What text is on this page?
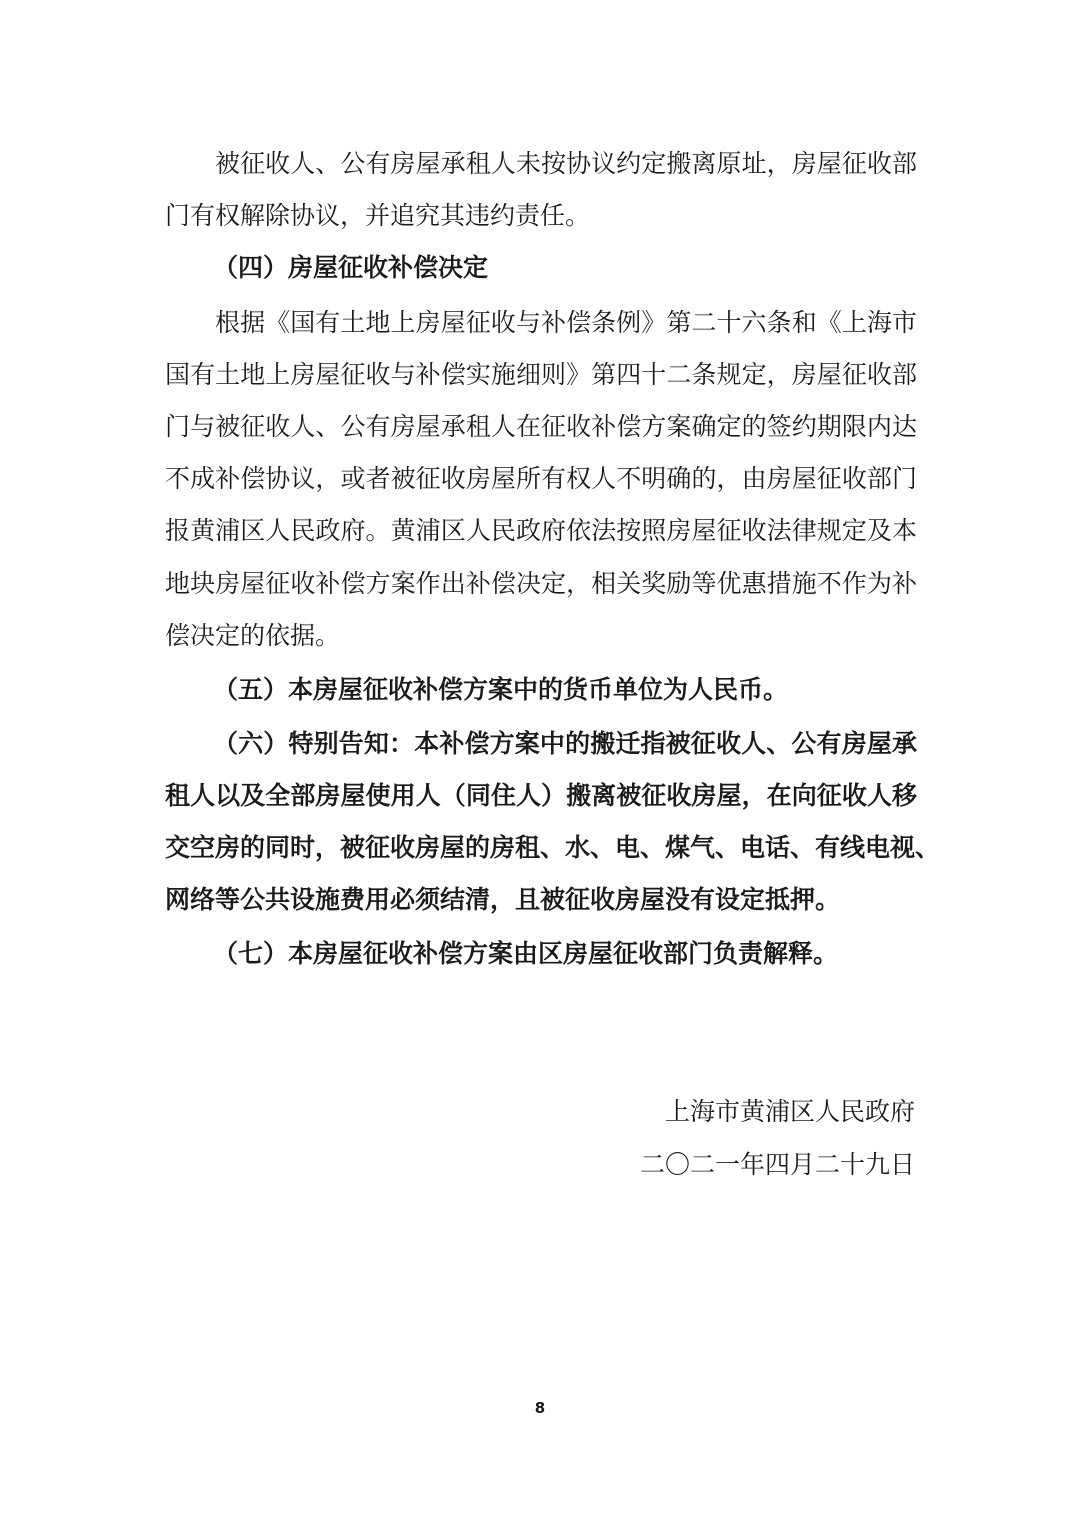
被征收人、公有房屋承租人未按协议约定搬离原址，房屋征收部
门有权解除协议，并追究其违约责任。
（四）房屋征收补偿决定
根据《国有土地上房屋征收与补偿条例》第二十六条和《上海市
国有土地上房屋征收与补偿实施细则》第四十二条规定，房屋征收部
门与被征收人、公有房屋承租人在征收补偿方案确定的签约期限内达
不成补偿协议，或者被征收房屋所有权人不明确的，由房屋征收部门
报黄浦区人民政府。黄浦区人民政府依法按照房屋征收法律规定及本
地块房屋征收补偿方案作出补偿决定，相关奖励等优惠措施不作为补
偿决定的依据。
（五）本房屋征收补偿方案中的货币单位为人民币。
（六）特别告知：本补偿方案中的搬迁指被征收人、公有房屋承
租人以及全部房屋使用人（同住人）搬离被征收房屋，在向征收人移
交空房的同时，被征收房屋的房租、水、电、煤气、电话、有线电视、
网络等公共设施费用必须结清，且被征收房屋没有设定抵押。
（七）本房屋征收补偿方案由区房屋征收部门负责解释。
上海市黄浦区人民政府
二〇二一年四月二十九日
8
